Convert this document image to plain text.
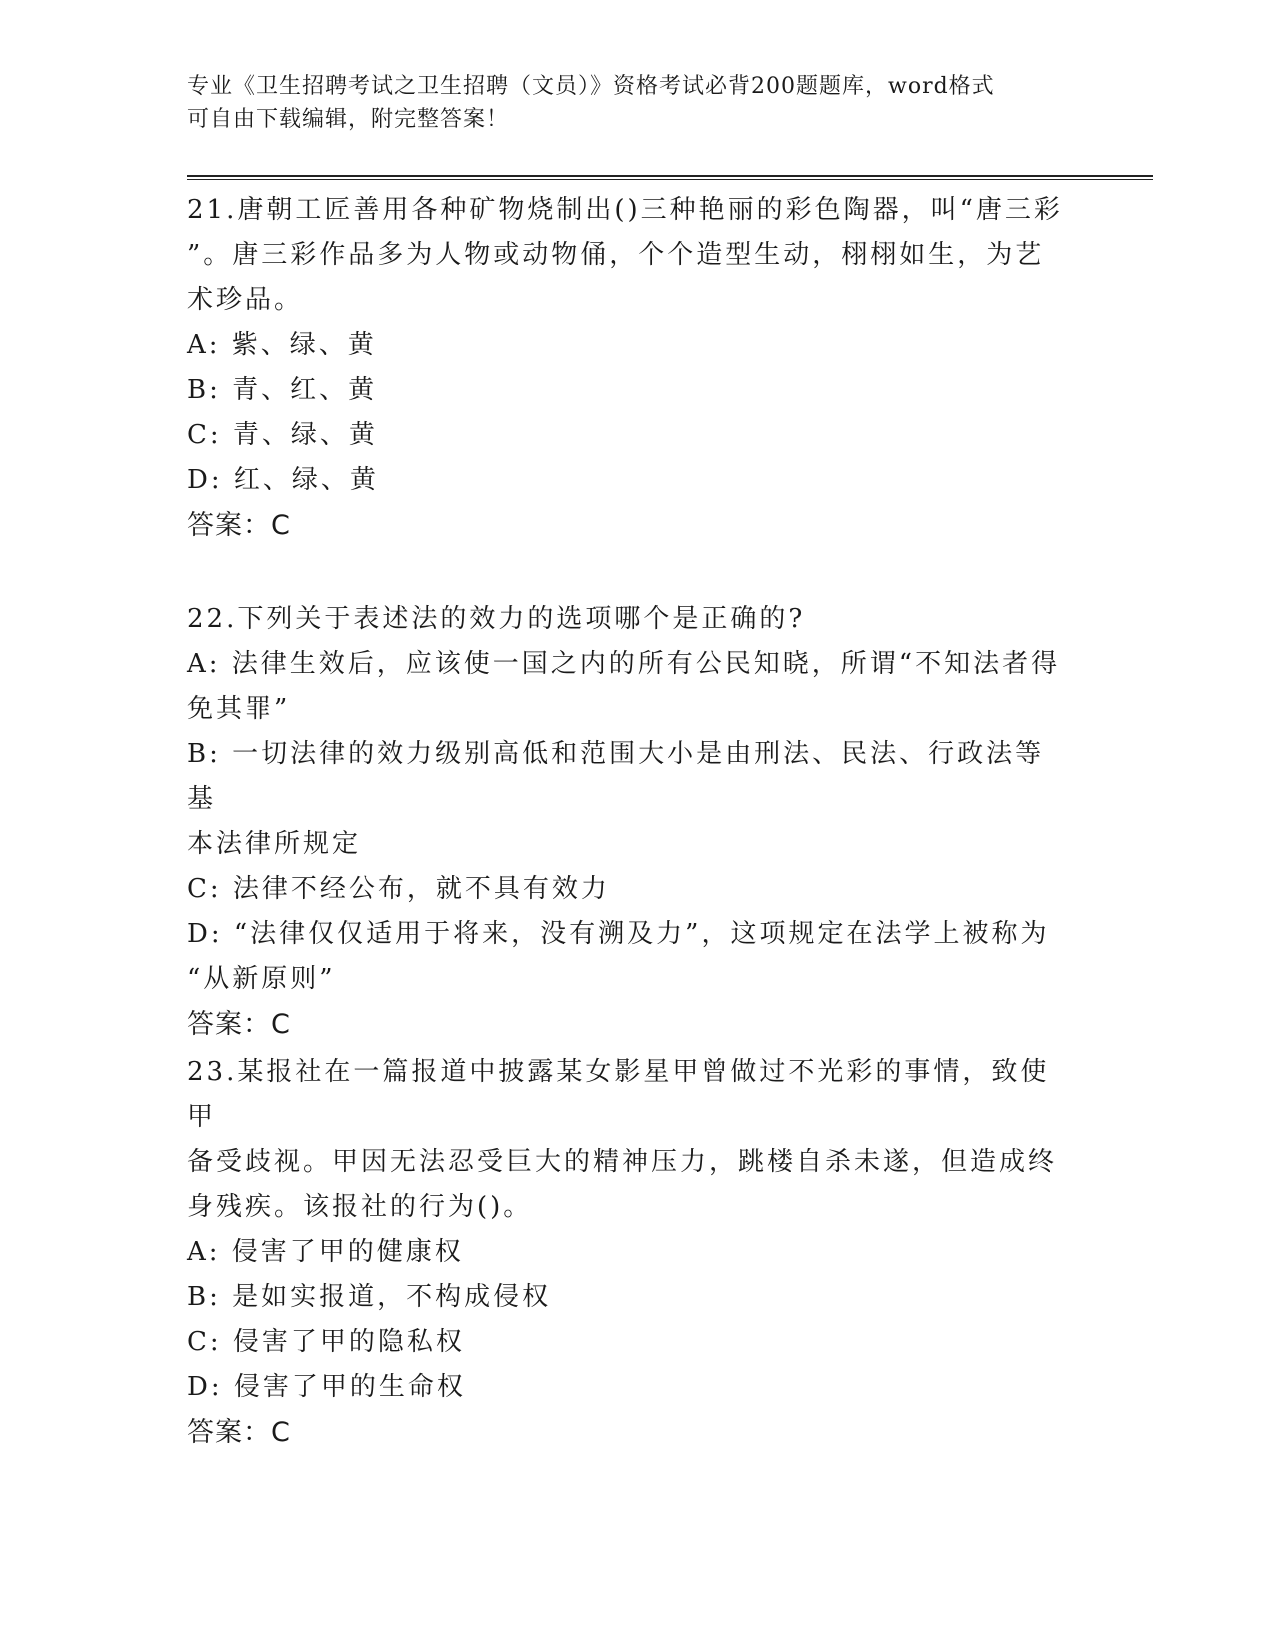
专业《卫生招聘考试之卫生招聘（文员）》资格考试必背200题题库，word格式
可自由下载编辑，附完整答案！

21.唐朝工匠善用各种矿物烧制出()三种艳丽的彩色陶器，叫“唐三彩

”。唐三彩作品多为人物或动物俑，个个造型生动，栩栩如生，为艺

术珍品。

A: 紫、绿、黄

B: 青、红、黄

C: 青、绿、黄

D: 红、绿、黄

答案：C

22.下列关于表述法的效力的选项哪个是正确的?

A: 法律生效后，应该使一国之内的所有公民知晓，所谓“不知法者得

免其罪”

B: 一切法律的效力级别高低和范围大小是由刑法、民法、行政法等基

本法律所规定

C: 法律不经公布，就不具有效力

D: “法律仅仅适用于将来，没有溯及力”，这项规定在法学上被称为

“从新原则”

答案：C

23.某报社在一篇报道中披露某女影星甲曾做过不光彩的事情，致使甲

备受歧视。甲因无法忍受巨大的精神压力，跳楼自杀未遂，但造成终

身残疾。该报社的行为()。

A: 侵害了甲的健康权

B: 是如实报道，不构成侵权

C: 侵害了甲的隐私权

D: 侵害了甲的生命权

答案：C
